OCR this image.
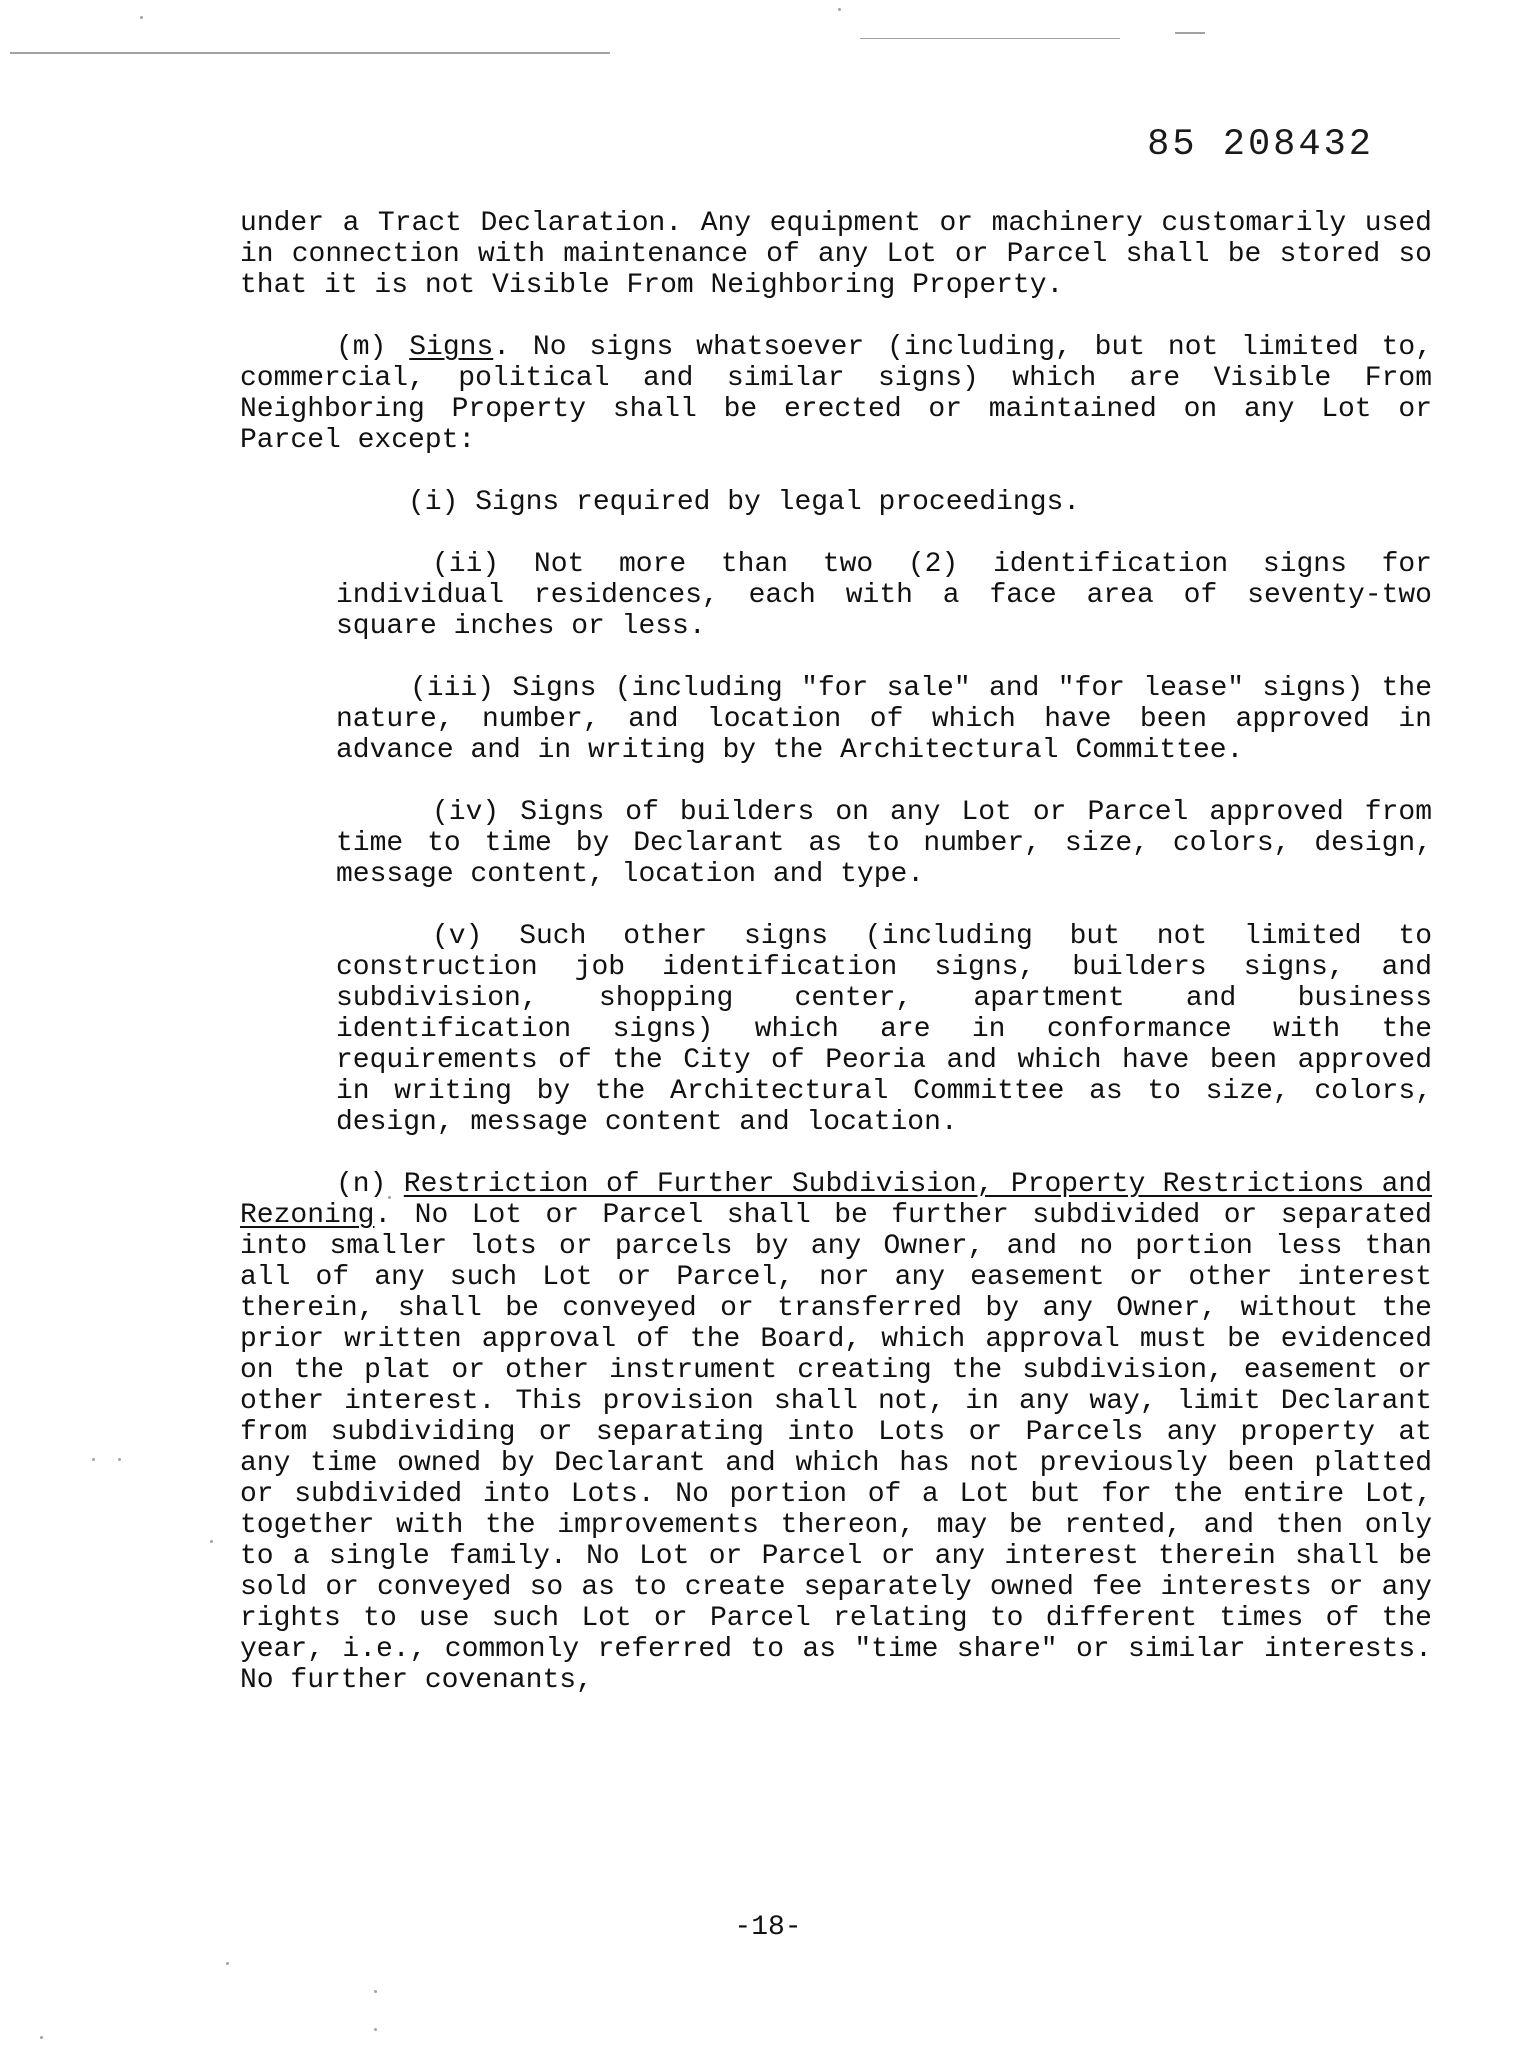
85 208432

under a Tract Declaration. Any equipment or machinery customarily used in connection with maintenance of any Lot or Parcel shall be stored so that it is not Visible From Neighboring Property.

(m) Signs. No signs whatsoever (including, but not limited to, commercial, political and similar signs) which are Visible From Neighboring Property shall be erected or maintained on any Lot or Parcel except:

(i) Signs required by legal proceedings.

(ii) Not more than two (2) identification signs for individual residences, each with a face area of seventy-two square inches or less.

(iii) Signs (including "for sale" and "for lease" signs) the nature, number, and location of which have been approved in advance and in writing by the Architectural Committee.

(iv) Signs of builders on any Lot or Parcel approved from time to time by Declarant as to number, size, colors, design, message content, location and type.

(v) Such other signs (including but not limited to construction job identification signs, builders signs, and subdivision, shopping center, apartment and business identification signs) which are in conformance with the requirements of the City of Peoria and which have been approved in writing by the Architectural Committee as to size, colors, design, message content and location.

(n) Restriction of Further Subdivision, Property Restrictions and Rezoning. No Lot or Parcel shall be further subdivided or separated into smaller lots or parcels by any Owner, and no portion less than all of any such Lot or Parcel, nor any easement or other interest therein, shall be conveyed or transferred by any Owner, without the prior written approval of the Board, which approval must be evidenced on the plat or other instrument creating the subdivision, easement or other interest. This provision shall not, in any way, limit Declarant from subdividing or separating into Lots or Parcels any property at any time owned by Declarant and which has not previously been platted or subdivided into Lots. No portion of a Lot but for the entire Lot, together with the improvements thereon, may be rented, and then only to a single family. No Lot or Parcel or any interest therein shall be sold or conveyed so as to create separately owned fee interests or any rights to use such Lot or Parcel relating to different times of the year, i.e., commonly referred to as "time share" or similar interests. No further covenants,

-18-
